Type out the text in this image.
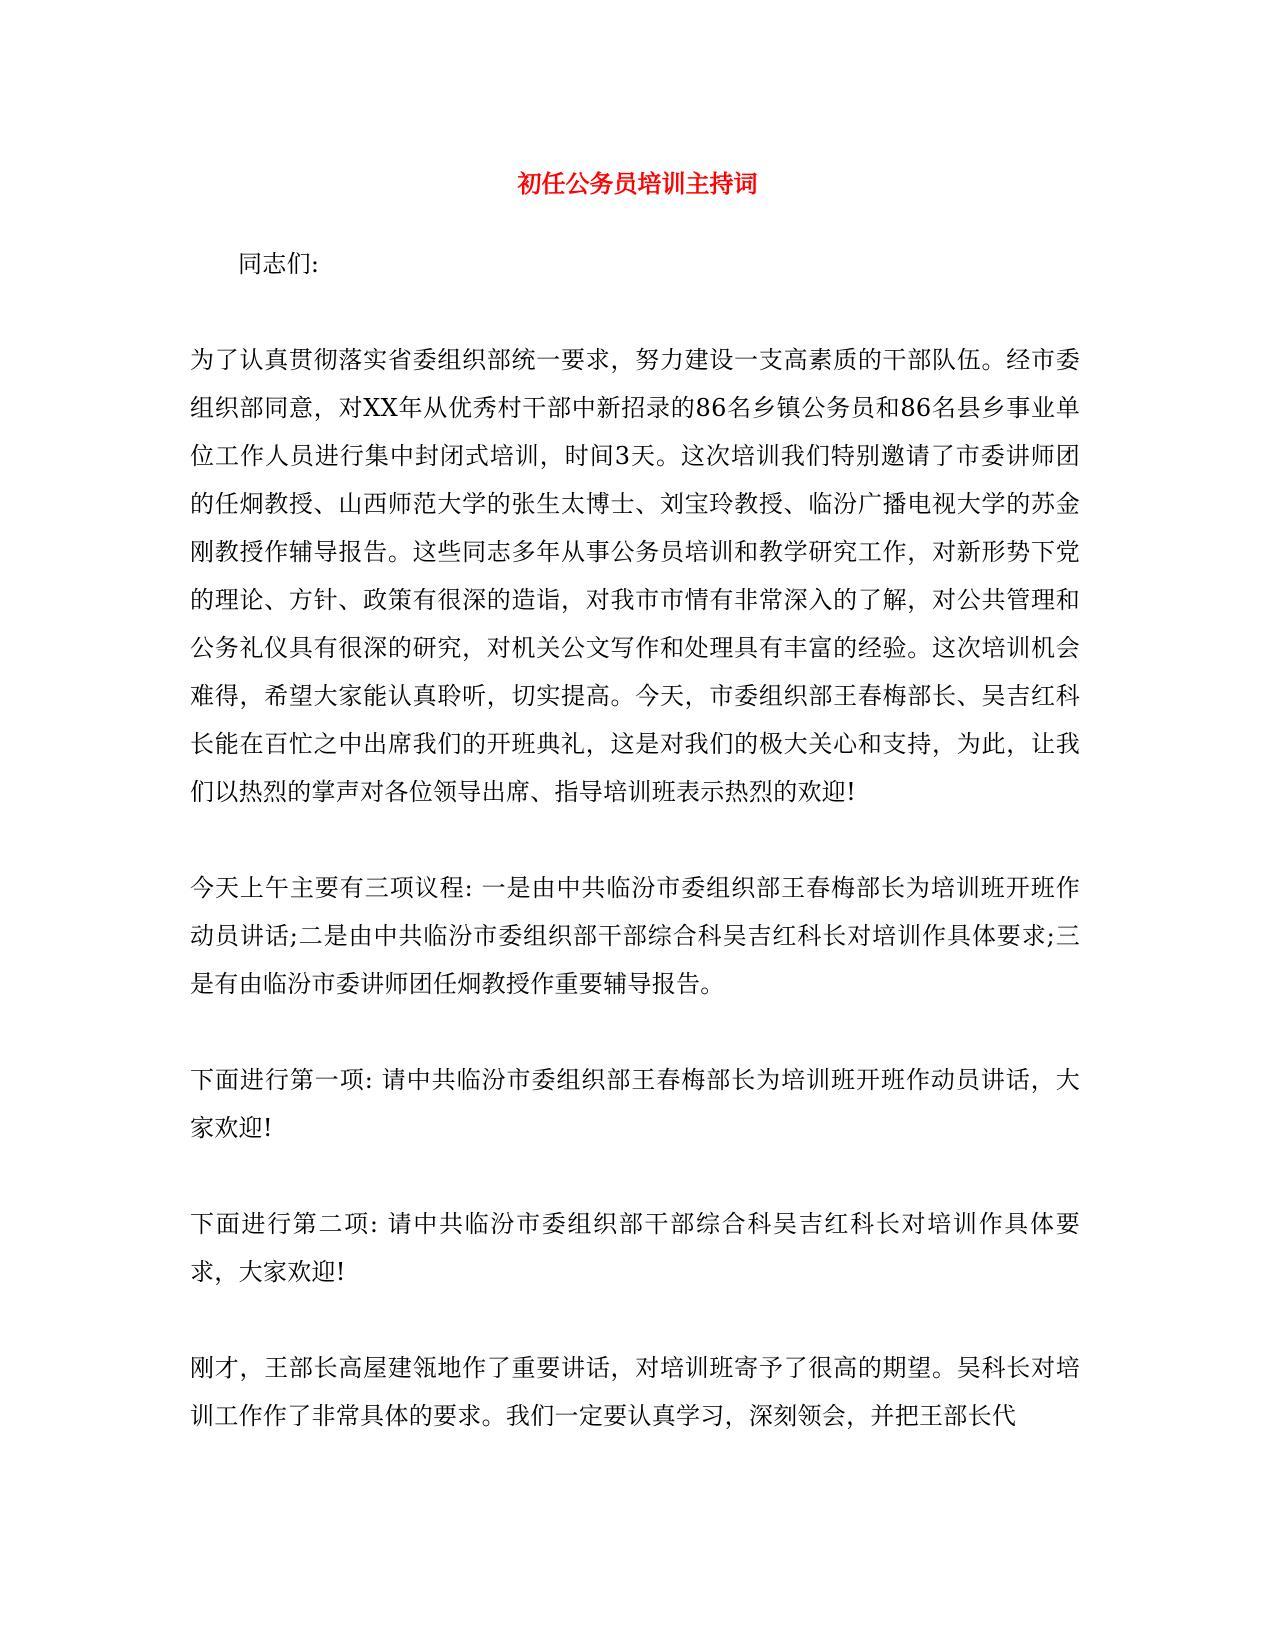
初任公务员培训主持词

同志们:

为了认真贯彻落实省委组织部统一要求，努力建设一支高素质的干部队伍。经市委组织部同意，对XX年从优秀村干部中新招录的86名乡镇公务员和86名县乡事业单位工作人员进行集中封闭式培训，时间3天。这次培训我们特别邀请了市委讲师团的任炯教授、山西师范大学的张生太博士、刘宝玲教授、临汾广播电视大学的苏金刚教授作辅导报告。这些同志多年从事公务员培训和教学研究工作，对新形势下党的理论、方针、政策有很深的造诣，对我市市情有非常深入的了解，对公共管理和公务礼仪具有很深的研究，对机关公文写作和处理具有丰富的经验。这次培训机会难得，希望大家能认真聆听，切实提高。今天，市委组织部王春梅部长、吴吉红科长能在百忙之中出席我们的开班典礼，这是对我们的极大关心和支持，为此，让我们以热烈的掌声对各位领导出席、指导培训班表示热烈的欢迎!

今天上午主要有三项议程: 一是由中共临汾市委组织部王春梅部长为培训班开班作动员讲话;二是由中共临汾市委组织部干部综合科吴吉红科长对培训作具体要求;三是有由临汾市委讲师团任炯教授作重要辅导报告。

下面进行第一项: 请中共临汾市委组织部王春梅部长为培训班开班作动员讲话，大家欢迎!

下面进行第二项: 请中共临汾市委组织部干部综合科吴吉红科长对培训作具体要求，大家欢迎!

刚才，王部长高屋建瓴地作了重要讲话，对培训班寄予了很高的期望。吴科长对培训工作作了非常具体的要求。我们一定要认真学习，深刻领会，并把王部长代
